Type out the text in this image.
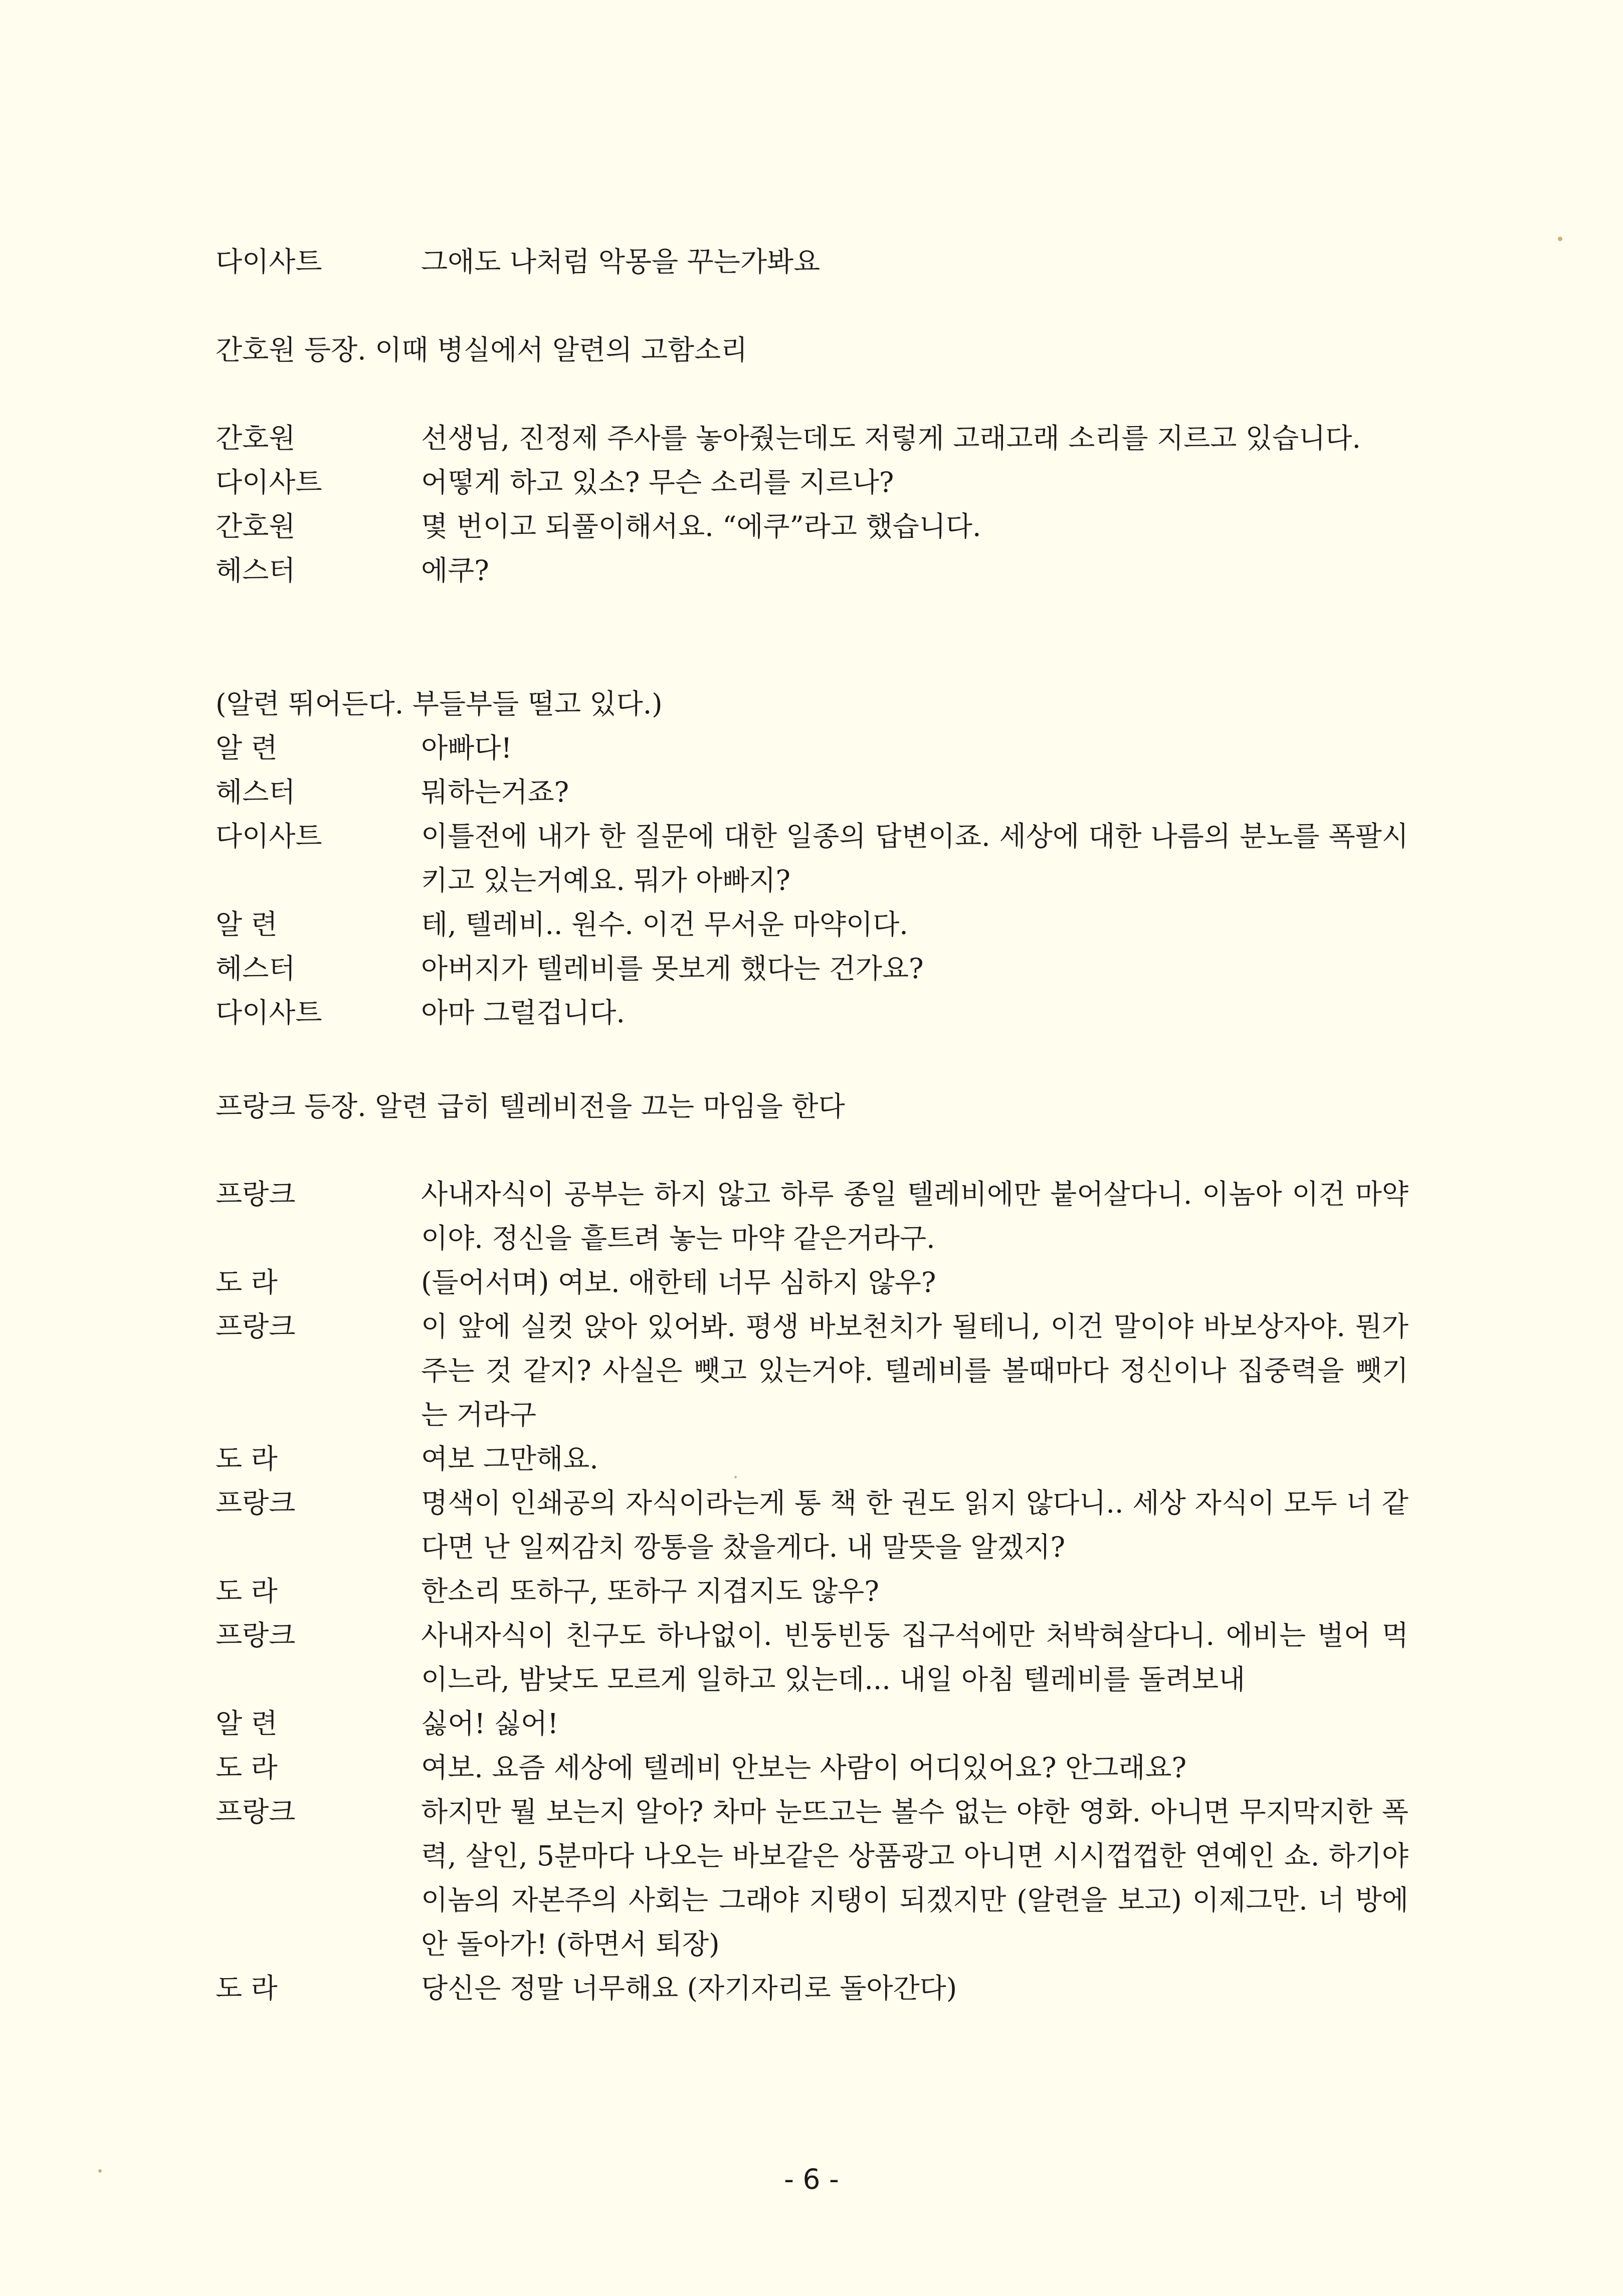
다이사트	그애도 나처럼 악몽을 꾸는가봐요
간호원 등장. 이때 병실에서 알련의 고함소리
간호원	선생님, 진정제 주사를 놓아줬는데도 저렇게 고래고래 소리를 지르고 있습니다.
다이사트	어떻게 하고 있소? 무슨 소리를 지르나?
간호원	몇 번이고 되풀이해서요. “에쿠”라고 했습니다.
헤스터	에쿠?
(알련 뛰어든다. 부들부들 떨고 있다.)
알 련	아빠다!
헤스터	뭐하는거죠?
다이사트	이틀전에 내가 한 질문에 대한 일종의 답변이죠. 세상에 대한 나름의 분노를 폭팔시키고 있는거예요. 뭐가 아빠지?
알 련	테, 텔레비.. 원수. 이건 무서운 마약이다.
헤스터	아버지가 텔레비를 못보게 했다는 건가요?
다이사트	아마 그럴겁니다.
프랑크 등장. 알련 급히 텔레비전을 끄는 마임을 한다
프랑크	사내자식이 공부는 하지 않고 하루 종일 텔레비에만 붙어살다니. 이놈아 이건 마약이야. 정신을 흩트려 놓는 마약 같은거라구.
도 라	(들어서며) 여보. 애한테 너무 심하지 않우?
프랑크	이 앞에 실컷 앉아 있어봐. 평생 바보천치가 될테니, 이건 말이야 바보상자야. 뭔가 주는 것 같지? 사실은 뺏고 있는거야. 텔레비를 볼때마다 정신이나 집중력을 뺏기는 거라구
도 라	여보 그만해요.
프랑크	명색이 인쇄공의 자식이라는게 통 책 한 권도 읽지 않다니.. 세상 자식이 모두 너 같다면 난 일찌감치 깡통을 찼을게다. 내 말뜻을 알겠지?
도 라	한소리 또하구, 또하구 지겹지도 않우?
프랑크	사내자식이 친구도 하나없이. 빈둥빈둥 집구석에만 처박혀살다니. 에비는 벌어 먹이느라, 밤낮도 모르게 일하고 있는데... 내일 아침 텔레비를 돌려보내
알 련	싫어! 싫어!
도 라	여보. 요즘 세상에 텔레비 안보는 사람이 어디있어요? 안그래요?
프랑크	하지만 뭘 보는지 알아? 차마 눈뜨고는 볼수 없는 야한 영화. 아니면 무지막지한 폭력, 살인, 5분마다 나오는 바보같은 상품광고 아니면 시시껍껍한 연예인 쇼. 하기야 이놈의 자본주의 사회는 그래야 지탱이 되겠지만 (알련을 보고) 이제그만. 너 방에 안 돌아가! (하면서 퇴장)
도 라	당신은 정말 너무해요 (자기자리로 돌아간다)
- 6 -
